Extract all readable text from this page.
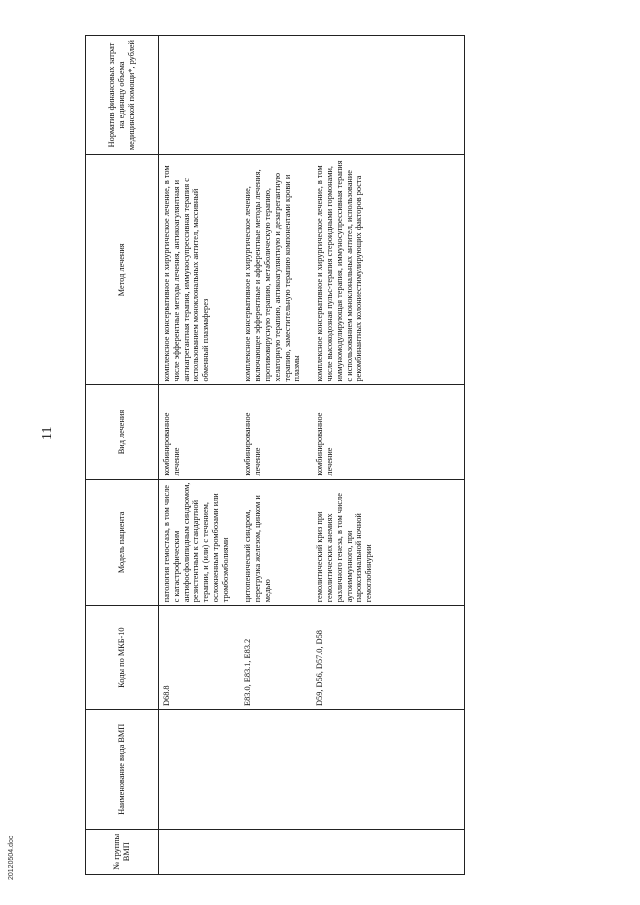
11
№ группы ВМП	Наименование вида ВМП	Коды по МКБ-10	Модель пациента	Вид лечения	Метод лечения	Норматив финансовых затрат на единицу объема медицинской помощи*, рублей
		D68.8	патология гемостаза, в том числе с катастрофическим антифосфолипидным синдромом, резистентным к стандартной терапии, и (или) с течением, осложненным тромбозами или тромбоэмболиями	комбинированное лечение	комплексное консервативное и хирургическое лечение, в том числе эфферентные методы лечения, антикоагулянтная и антиагрегантная терапия, иммуносупрессивная терапия с использованием моноклональных антител, массивный обменный плазмаферез	
		E83.0, E83.1, E83.2	цитопенический синдром, перегрузка железом, цинком и медью	комбинированное лечение	комплексное консервативное и хирургическое лечение, включающее эфферентные и афферентные методы лечения, противовирусную терапию, метаболическую терапию, хелаторную терапию, антикоагулянтную и дезагрегантную терапию, заместительную терапию компонентами крови и плазмы	
		D59, D56, D57.0, D58	гемолитический криз при гемолитических анемиях различного генеза, в том числе аутоиммунного, при пароксизмальной ночной гемоглобинурии	комбинированное лечение	комплексное консервативное и хирургическое лечение, в том числе высокодозная пульс-терапия стероидными гормонами, иммуномодулирующая терапия, иммуносупрессивная терапия с использованием моноклональных антител, использование рекомбинантных колониестимулирующих факторов роста	
20120504.doc
